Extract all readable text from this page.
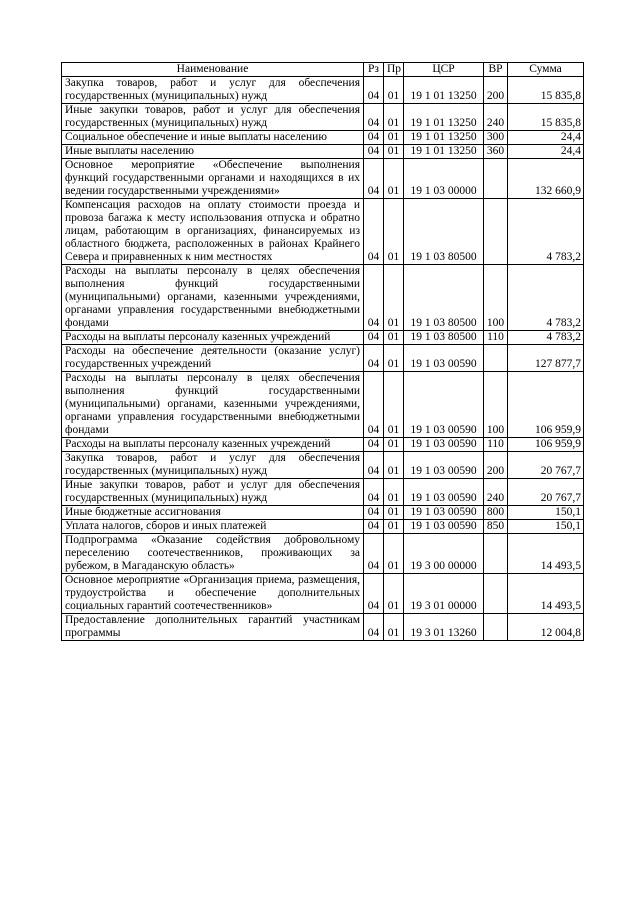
Наименование	Рз	Пр	ЦСР	ВР	Сумма
Закупка товаров, работ и услуг для обеспечения государственных (муниципальных) нужд	04	01	19 1 01 13250	200	15 835,8
Иные закупки товаров, работ и услуг для обеспечения государственных (муниципальных) нужд	04	01	19 1 01 13250	240	15 835,8
Социальное обеспечение и иные выплаты населению	04	01	19 1 01 13250	300	24,4
Иные выплаты населению	04	01	19 1 01 13250	360	24,4
Основное мероприятие «Обеспечение выполнения функций государственными органами и находящихся в их ведении государственными учреждениями»	04	01	19 1 03 00000		132 660,9
Компенсация расходов на оплату стоимости проезда и провоза багажа к месту использования отпуска и обратно лицам, работающим в организациях, финансируемых из областного бюджета, расположенных в районах Крайнего Севера и приравненных к ним местностях	04	01	19 1 03 80500		4 783,2
Расходы на выплаты персоналу в целях обеспечения выполнения функций государственными (муниципальными) органами, казенными учреждениями, органами управления государственными внебюджетными фондами	04	01	19 1 03 80500	100	4 783,2
Расходы на выплаты персоналу казенных учреждений	04	01	19 1 03 80500	110	4 783,2
Расходы на обеспечение деятельности (оказание услуг) государственных учреждений	04	01	19 1 03 00590		127 877,7
Расходы на выплаты персоналу в целях обеспечения выполнения функций государственными (муниципальными) органами, казенными учреждениями, органами управления государственными внебюджетными фондами	04	01	19 1 03 00590	100	106 959,9
Расходы на выплаты персоналу казенных учреждений	04	01	19 1 03 00590	110	106 959,9
Закупка товаров, работ и услуг для обеспечения государственных (муниципальных) нужд	04	01	19 1 03 00590	200	20 767,7
Иные закупки товаров, работ и услуг для обеспечения государственных (муниципальных) нужд	04	01	19 1 03 00590	240	20 767,7
Иные бюджетные ассигнования	04	01	19 1 03 00590	800	150,1
Уплата налогов, сборов и иных платежей	04	01	19 1 03 00590	850	150,1
Подпрограмма «Оказание содействия добровольному переселению соотечественников, проживающих за рубежом, в Магаданскую область»	04	01	19 3 00 00000		14 493,5
Основное мероприятие «Организация приема, размещения, трудоустройства и обеспечение дополнительных социальных гарантий соотечественников»	04	01	19 3 01 00000		14 493,5
Предоставление дополнительных гарантий участникам программы	04	01	19 3 01 13260		12 004,8
